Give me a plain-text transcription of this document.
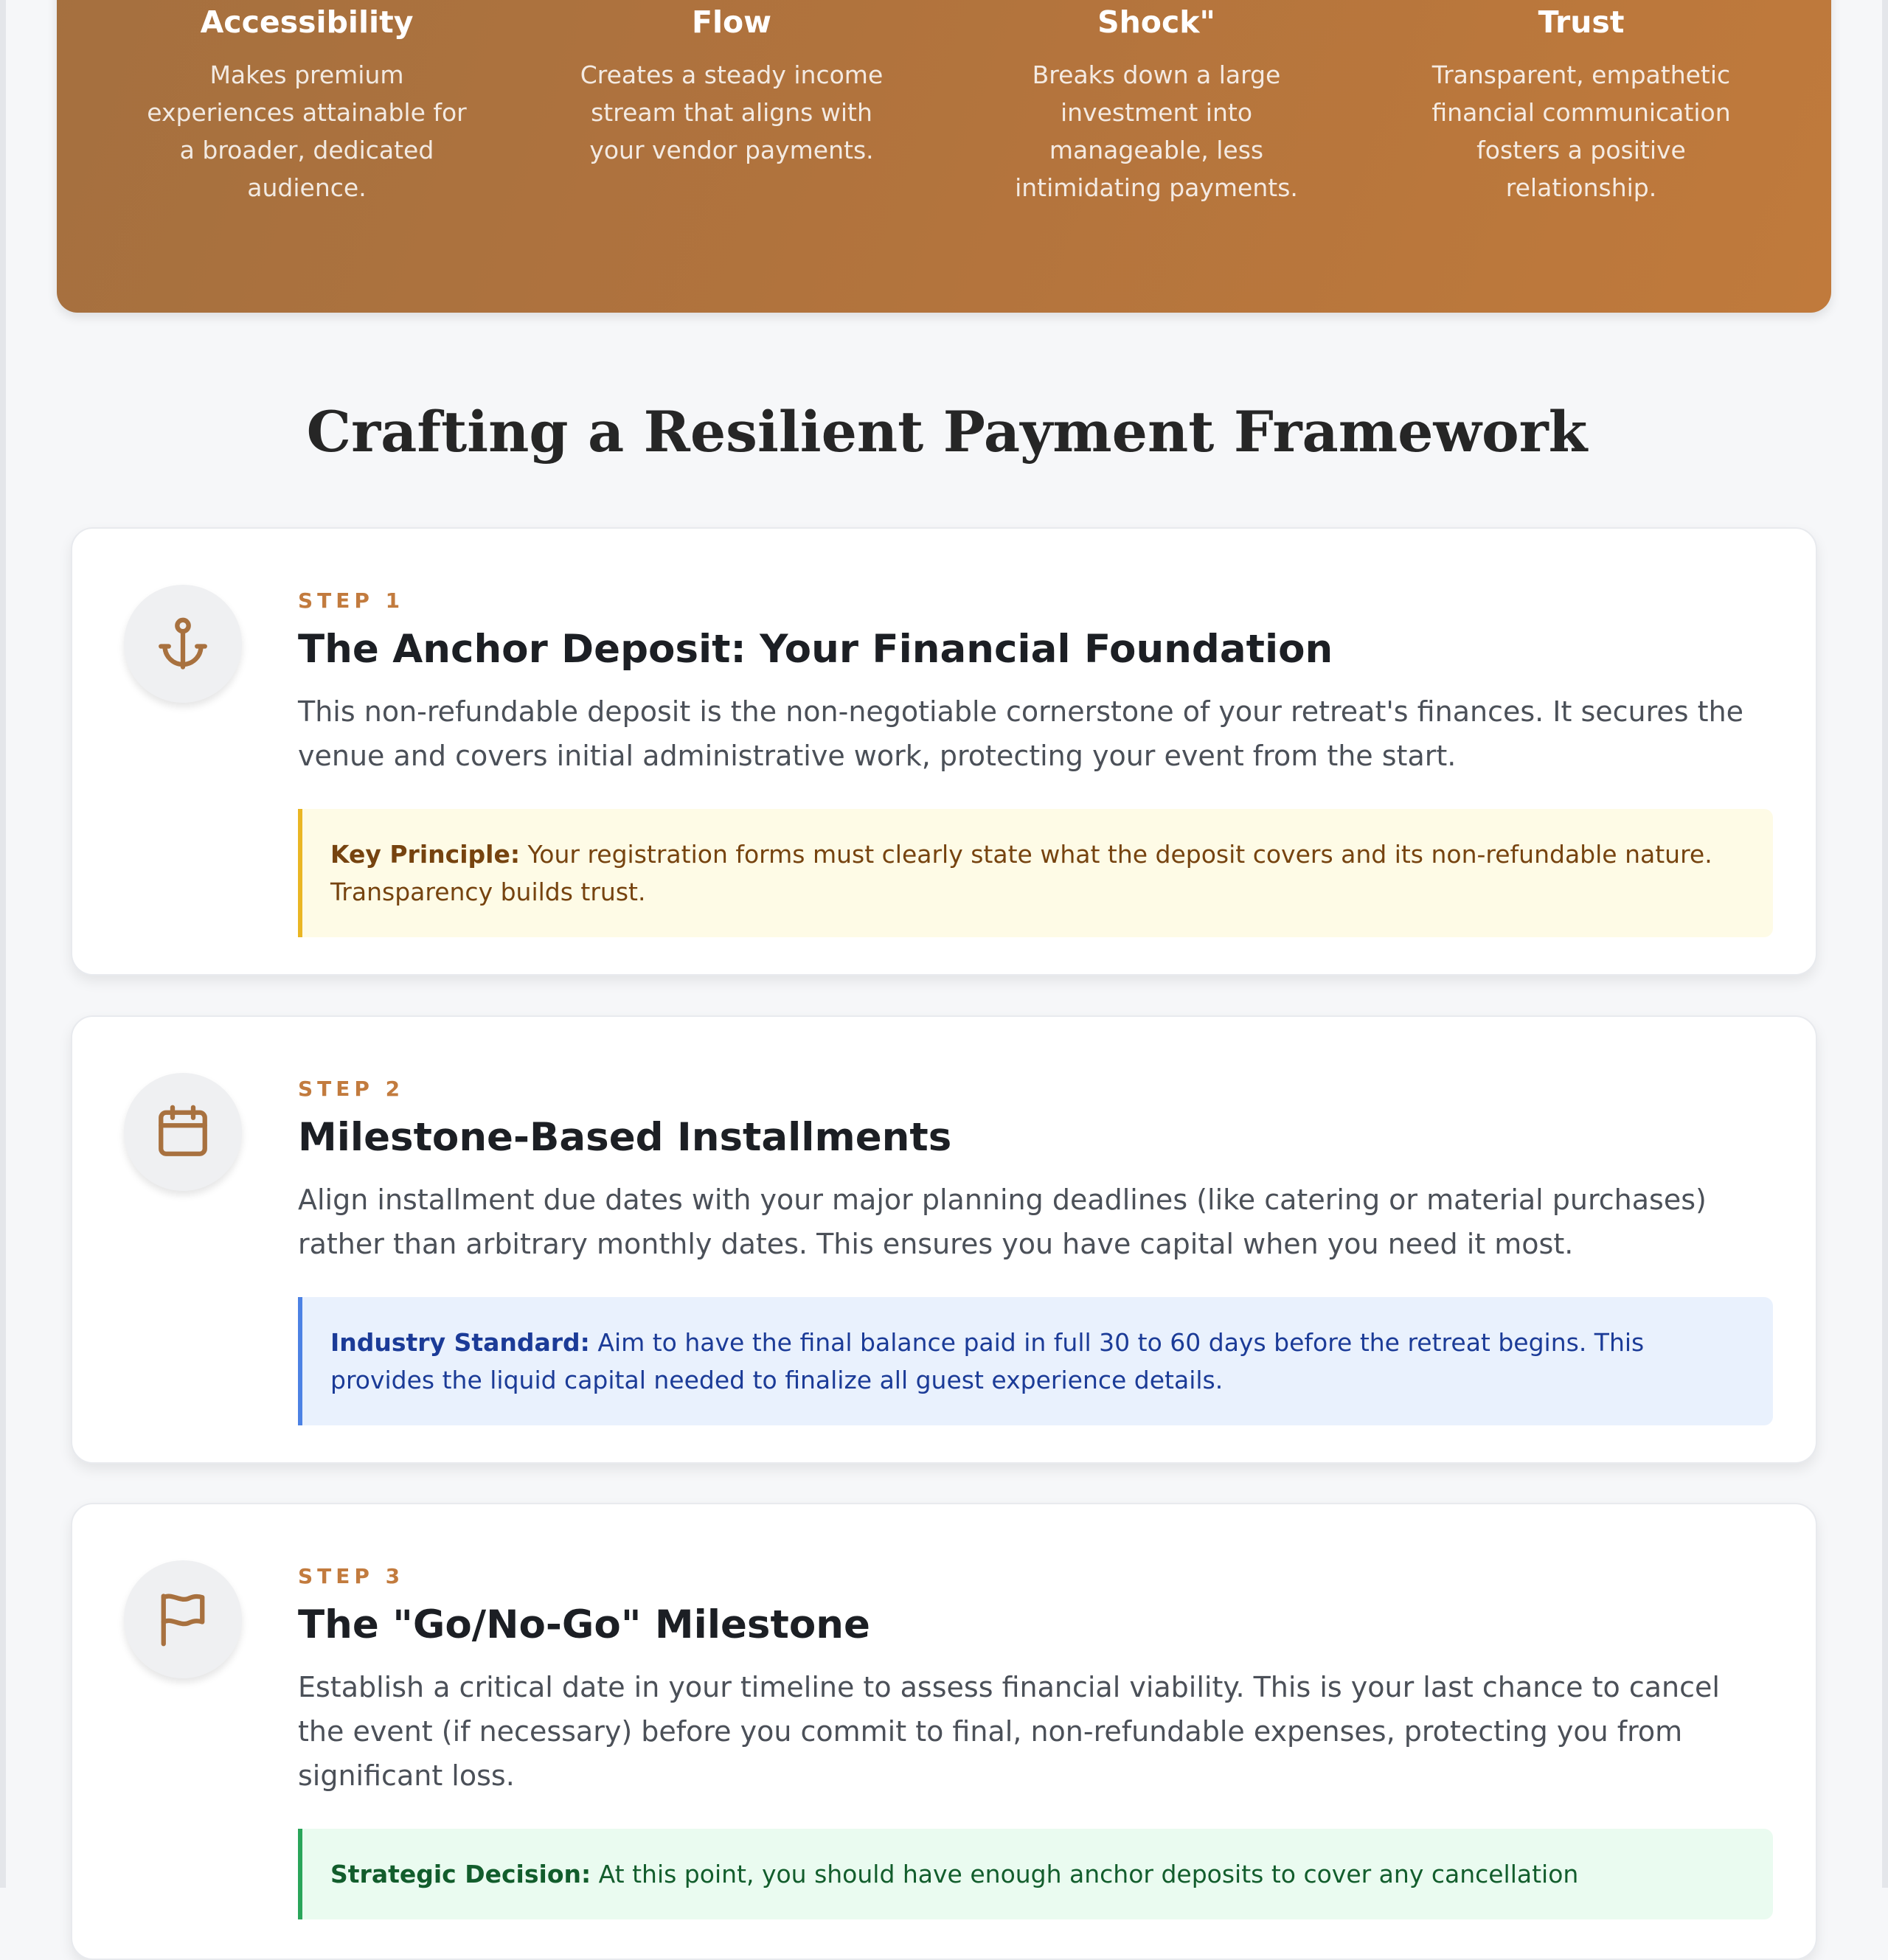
Accessibility

Makes premium experiences attainable for a broader, dedicated audience.

Flow

Creates a steady income stream that aligns with your vendor payments.

Shock"

Breaks down a large investment into manageable, less intimidating payments.

Trust

Transparent, empathetic financial communication fosters a positive relationship.

Crafting a Resilient Payment Framework

STEP 1

The Anchor Deposit: Your Financial Foundation

This non-refundable deposit is the non-negotiable cornerstone of your retreat's finances. It secures the venue and covers initial administrative work, protecting your event from the start.

Key Principle: Your registration forms must clearly state what the deposit covers and its non-refundable nature. Transparency builds trust.

STEP 2

Milestone-Based Installments

Align installment due dates with your major planning deadlines (like catering or material purchases) rather than arbitrary monthly dates. This ensures you have capital when you need it most.

Industry Standard: Aim to have the final balance paid in full 30 to 60 days before the retreat begins. This provides the liquid capital needed to finalize all guest experience details.

STEP 3

The "Go/No-Go" Milestone

Establish a critical date in your timeline to assess financial viability. This is your last chance to cancel the event (if necessary) before you commit to final, non-refundable expenses, protecting you from significant loss.

Strategic Decision: At this point, you should have enough anchor deposits to cover any cancellation
